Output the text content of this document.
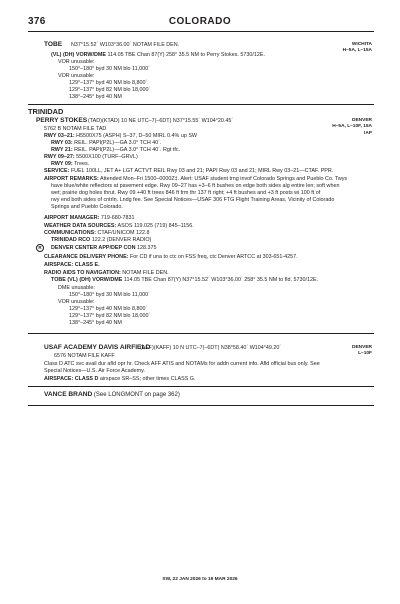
376	COLORADO
TOBE N37°15.52´ W103°36.00´ NOTAM FILE DEN.	WICHITA
H–5A, L–15A
(VL) (DH) VORW/DME 114.05 TBE Chan 87(Y) 258° 35.5 NM to Perry Stokes. 5730/12E.
VOR unusable:
150°–180° byd 30 NM blo 11,000´
VOR unusable:
129°–137° byd 40 NM blo 8,800´
129°–137° byd 82 NM blo 18,000´
138°–245° byd 40 NM
TRINIDAD
PERRY STOKES (TAD)(KTAD) 10 NE UTC–7(–6DT) N37°15.55´ W104°20.45´	DENVER
H–5A, L–10F, 15A
IAP
5762 B NOTAM FILE TAD
RWY 03–21: H5500X75 (ASPH) S–37, D–50 MIRL 0.4% up SW
RWY 03: REIL. PAPI(P2L)—GA 3.0° TCH 40´.
RWY 21: REIL. PAPI(P2L)—GA 3.0° TCH 40´. Rgt tfc.
RWY 09–27: 5500X100 (TURF–GRVL)
RWY 09: Trees.
SERVICE: FUEL 100LL, JET A+ LGT ACTVT REIL Rwy 03 and 21; PAPI Rwy 03 and 21; MIRL Rwy 03–21—CTAF. PPR.
AIRPORT REMARKS: Attended Mon–Fri 1500–0000Z‡. Alert: USAF student trng invof Colorado Springs and Pueblo Co. Twys
have blue/white reflectors at pavement edge. Rwy 09–27 has +3–6 ft bushes on edge both sides alg entire len; soft when
wet; prairie dog holes thrut. Rwy 09 +40 ft trees 846 ft frm thr 137 ft right; +4 ft bushes and +3 ft posts wi 100 ft of
rwy end both sides of cntrln. Lndg fee. See Special Notices—USAF 306 FTG Flight Training Areas, Vicinity of Colorado
Springs and Pueblo Colorado.
AIRPORT MANAGER: 719-680-7831
WEATHER DATA SOURCES: ASOS 119.025 (719) 845–1156.
COMMUNICATIONS: CTAF/UNICOM 122.8
TRINIDAD RCO 122.2 (DENVER RADIO)
R	DENVER CENTER APP/DEP CON 128.375
CLEARANCE DELIVERY PHONE: For CD if una to ctc on FSS freq, ctc Denver ARTCC at 303-651-4257.
AIRSPACE: CLASS E.
RADIO AIDS TO NAVIGATION: NOTAM FILE DEN.
TOBE (VL) (DH) VORW/DME 114.05 TBE Chan 87(Y) N37°15.52´ W103°36.00´ 258° 35.5 NM to fld. 5730/12E.
DME unusable:
150°–180° byd 30 NM blo 11,000´
VOR unusable:
129°–137° byd 40 NM blo 8,800´
129°–137° byd 82 NM blo 18,000´
138°–245° byd 40 NM
USAF ACADEMY DAVIS AIRFIELD
(AFF)(KAFF) 10 N UTC–7(–6DT) N38°58.40´ W104°49.20´	DENVER
L–10F
6576 NOTAM FILE KAFF
Class D ATC svc avail dur afld opr hr. Check AFF ATIS and NOTAMs for addn current info. Afld official bus only. See
Special Notices—U.S. Air Force Academy.
AIRSPACE: CLASS D airspace SR–SS; other times CLASS G.
VANCE BRAND (See LONGMONT on page 362)
SW, 22 JAN 2026 to 19 MAR 2026
